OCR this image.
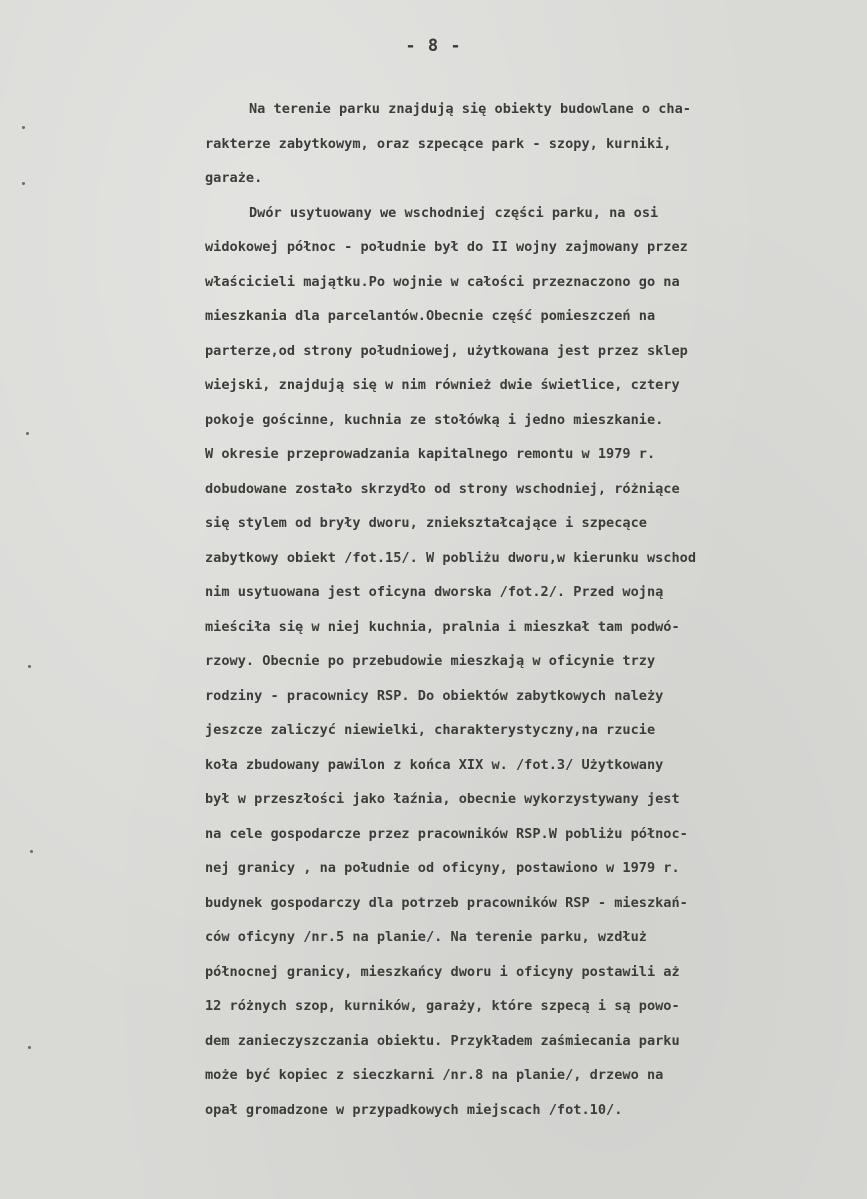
- 8 -
Na terenie parku znajdują się obiekty budowlane o cha-
rakterze zabytkowym, oraz szpecące park - szopy, kurniki,
garaże.
Dwór usytuowany we wschodniej części parku, na osi
widokowej północ - południe był do II wojny zajmowany przez
właścicieli majątku.Po wojnie w całości przeznaczono go na
mieszkania dla parcelantów.Obecnie część pomieszczeń na
parterze,od strony południowej, użytkowana jest przez sklep
wiejski, znajdują się w nim również dwie świetlice, cztery
pokoje gościnne, kuchnia ze stołówką i jedno mieszkanie.
W okresie przeprowadzania kapitalnego remontu w 1979 r.
dobudowane zostało skrzydło od strony wschodniej, różniące
się stylem od bryły dworu, zniekształcające i szpecące
zabytkowy obiekt /fot.15/. W pobliżu dworu,w kierunku wschod
nim usytuowana jest oficyna dworska /fot.2/. Przed wojną
mieściła się w niej kuchnia, pralnia i mieszkał tam podwó-
rzowy. Obecnie po przebudowie mieszkają w oficynie trzy
rodziny - pracownicy RSP. Do obiektów zabytkowych należy
jeszcze zaliczyć niewielki, charakterystyczny,na rzucie
koła zbudowany pawilon z końca XIX w. /fot.3/ Użytkowany
był w przeszłości jako łaźnia, obecnie wykorzystywany jest
na cele gospodarcze przez pracowników RSP.W pobliżu północ-
nej granicy , na południe od oficyny, postawiono w 1979 r.
budynek gospodarczy dla potrzeb pracowników RSP - mieszkań-
ców oficyny /nr.5 na planie/. Na terenie parku, wzdłuż
północnej granicy, mieszkańcy dworu i oficyny postawili aż
12 różnych szop, kurników, garaży, które szpecą i są powo-
dem zanieczyszczania obiektu. Przykładem zaśmiecania parku
może być kopiec z sieczkarni /nr.8 na planie/, drzewo na
opał gromadzone w przypadkowych miejscach /fot.10/.
